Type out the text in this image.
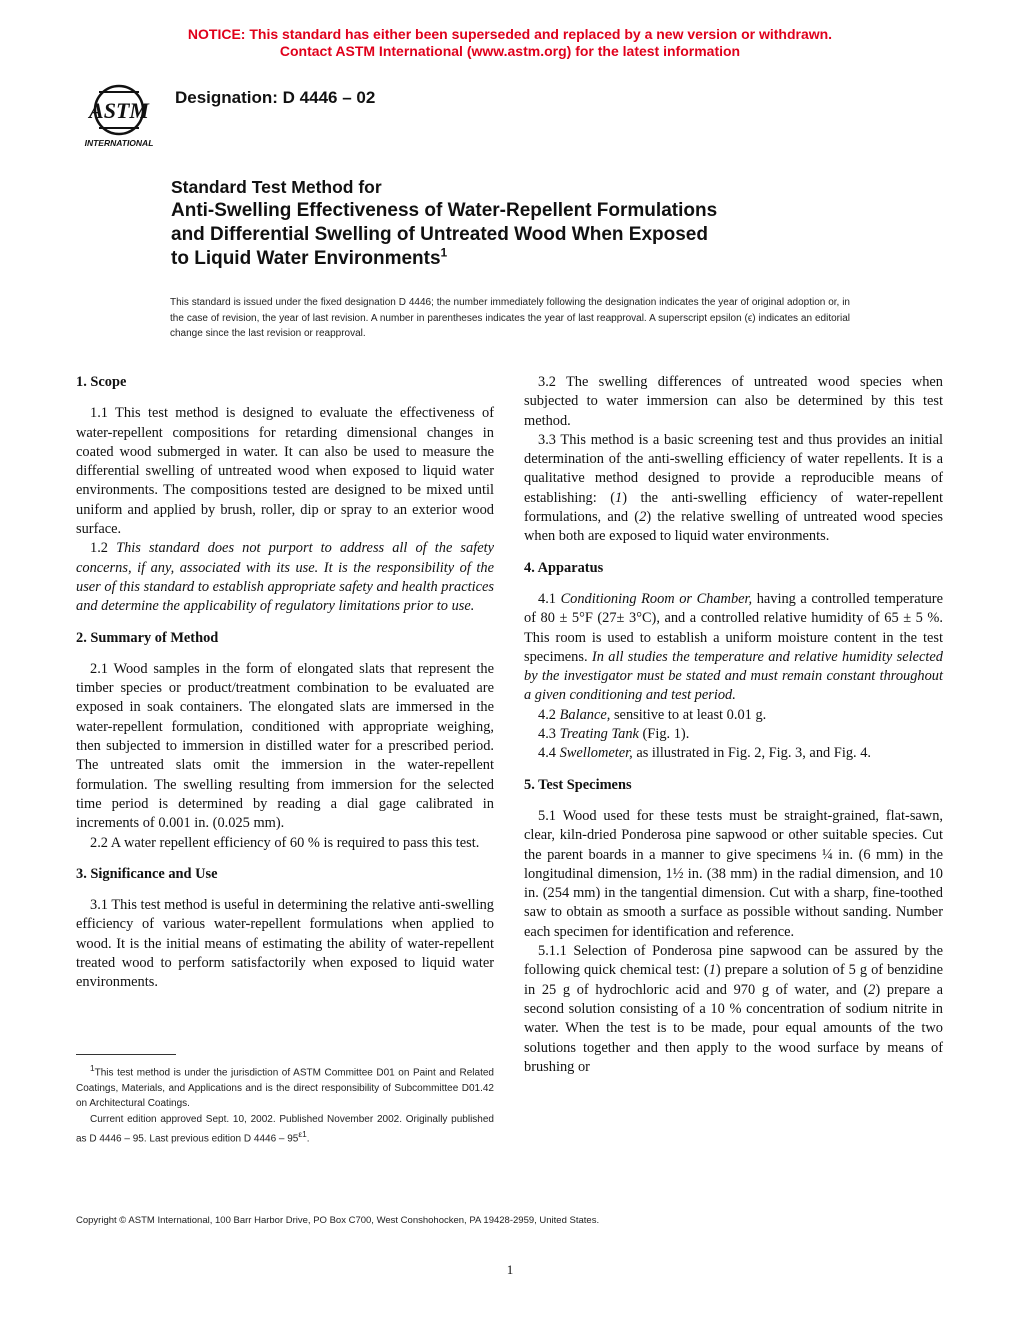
NOTICE: This standard has either been superseded and replaced by a new version or withdrawn.
Contact ASTM International (www.astm.org) for the latest information
ASTM
INTERNATIONAL
Designation: D 4446 – 02
Standard Test Method for
Anti-Swelling Effectiveness of Water-Repellent Formulations
and Differential Swelling of Untreated Wood When Exposed
to Liquid Water Environments$^1$
This standard is issued under the fixed designation D 4446; the number immediately following the designation indicates the year of original adoption or, in the case of revision, the year of last revision. A number in parentheses indicates the year of last reapproval. A superscript epsilon (ϵ) indicates an editorial change since the last revision or reapproval.
1. Scope

1.1 This test method is designed to evaluate the effectiveness of water-repellent compositions for retarding dimensional changes in coated wood submerged in water. It can also be used to measure the differential swelling of untreated wood when exposed to liquid water environments. The compositions tested are designed to be mixed until uniform and applied by brush, roller, dip or spray to an exterior wood surface.

1.2 This standard does not purport to address all of the safety concerns, if any, associated with its use. It is the responsibility of the user of this standard to establish appropriate safety and health practices and determine the applicability of regulatory limitations prior to use.

2. Summary of Method

2.1 Wood samples in the form of elongated slats that represent the timber species or product/treatment combination to be evaluated are exposed in soak containers. The elongated slats are immersed in the water-repellent formulation, conditioned with appropriate weighing, then subjected to immersion in distilled water for a prescribed period. The untreated slats omit the immersion in the water-repellent formulation. The swelling resulting from immersion for the selected time period is determined by reading a dial gage calibrated in increments of 0.001 in. (0.025 mm).

2.2 A water repellent efficiency of 60 % is required to pass this test.

3. Significance and Use

3.1 This test method is useful in determining the relative anti-swelling efficiency of various water-repellent formulations when applied to wood. It is the initial means of estimating the ability of water-repellent treated wood to perform satisfactorily when exposed to liquid water environments.

3.2 The swelling differences of untreated wood species when subjected to water immersion can also be determined by this test method.

3.3 This method is a basic screening test and thus provides an initial determination of the anti-swelling efficiency of water repellents. It is a qualitative method designed to provide a reproducible means of establishing: (1) the anti-swelling efficiency of water-repellent formulations, and (2) the relative swelling of untreated wood species when both are exposed to liquid water environments.

4. Apparatus

4.1 Conditioning Room or Chamber, having a controlled temperature of 80 ± 5°F (27± 3°C), and a controlled relative humidity of 65 ± 5 %. This room is used to establish a uniform moisture content in the test specimens. In all studies the temperature and relative humidity selected by the investigator must be stated and must remain constant throughout a given conditioning and test period.

4.2 Balance, sensitive to at least 0.01 g.

4.3 Treating Tank (Fig. 1).

4.4 Swellometer, as illustrated in Fig. 2, Fig. 3, and Fig. 4.

5. Test Specimens

5.1 Wood used for these tests must be straight-grained, flat-sawn, clear, kiln-dried Ponderosa pine sapwood or other suitable species. Cut the parent boards in a manner to give specimens ¼ in. (6 mm) in the longitudinal dimension, 1½ in. (38 mm) in the radial dimension, and 10 in. (254 mm) in the tangential dimension. Cut with a sharp, fine-toothed saw to obtain as smooth a surface as possible without sanding. Number each specimen for identification and reference.

5.1.1 Selection of Ponderosa pine sapwood can be assured by the following quick chemical test: (1) prepare a solution of 5 g of benzidine in 25 g of hydrochloric acid and 970 g of water, and (2) prepare a second solution consisting of a 10 % concentration of sodium nitrite in water. When the test is to be made, pour equal amounts of the two solutions together and then apply to the wood surface by means of brushing or

$^1$This test method is under the jurisdiction of ASTM Committee D01 on Paint and Related Coatings, Materials, and Applications and is the direct responsibility of Subcommittee D01.42 on Architectural Coatings.

Current edition approved Sept. 10, 2002. Published November 2002. Originally published as D 4446 – 95. Last previous edition D $4446 - 95^{\varepsilon 1}$.

Copyright © ASTM International, 100 Barr Harbor Drive, PO Box C700, West Conshohocken, PA 19428-2959, United States.
1
